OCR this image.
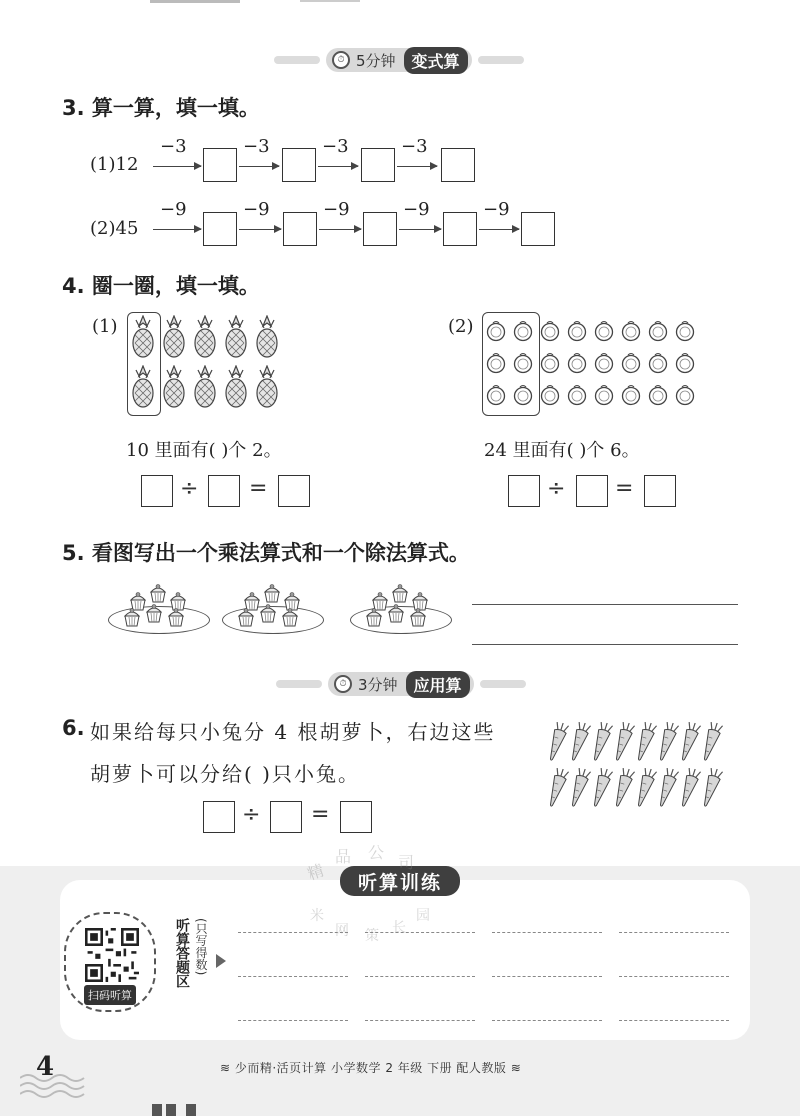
⏱ 5分钟	变式算
3. 算一算，填一填。
(1)12
−3	−3	−3	−3
(2)45
−9	−9	−9	−9	−9
4. 圈一圈，填一填。
(1)	(2)
10 里面有( )个 2。	24 里面有( )个 6。
÷ =	÷ =
5. 看图写出一个乘法算式和一个除法算式。
⏱ 3分钟	应用算
6. 如果给每只小兔分 4 根胡萝卜，右边这些
胡萝卜可以分给( )只小兔。
÷ =
听算训练
扫码听算
听算答题区 (只写得数)
精
品 公
司
米
网 策 长
园
4	≋ 少而精·活页计算 小学数学 2 年级 下册 配人教版 ≋
